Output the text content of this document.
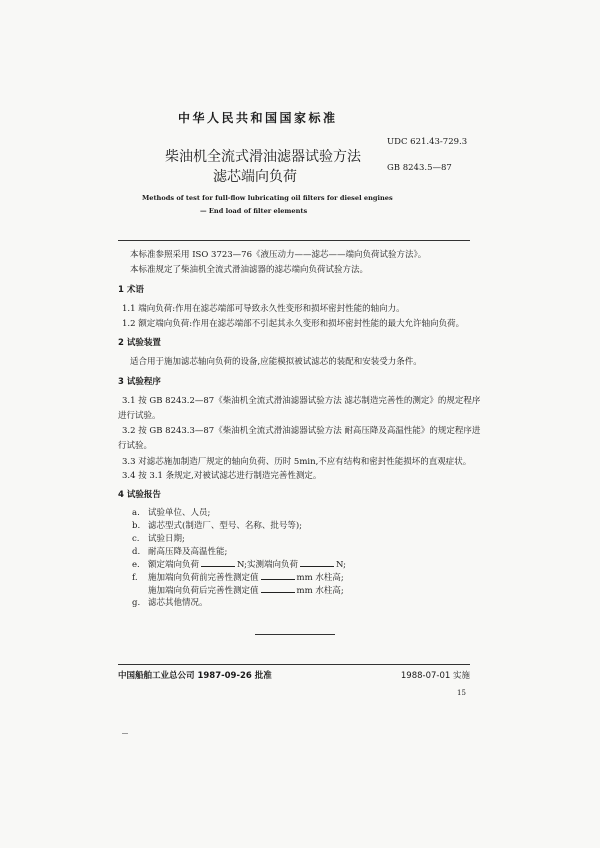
中华人民共和国国家标准
UDC 621.43-729.3
柴油机全流式滑油滤器试验方法
滤芯端向负荷
GB 8243.5—87
Methods of test for full-flow lubricating oil filters for diesel engines
— End load of filter elements
本标准参照采用 ISO 3723—76《液压动力——滤芯——端向负荷试验方法》。
本标准规定了柴油机全流式滑油滤器的滤芯端向负荷试验方法。
1 术语
1.1 端向负荷:作用在滤芯端部可导致永久性变形和损坏密封性能的轴向力。
1.2 额定端向负荷:作用在滤芯端部不引起其永久变形和损坏密封性能的最大允许轴向负荷。
2 试验装置
适合用于施加滤芯轴向负荷的设备,应能模拟被试滤芯的装配和安装受力条件。
3 试验程序
3.1 按 GB 8243.2—87《柴油机全流式滑油滤器试验方法 滤芯制造完善性的测定》的规定程序
进行试验。
3.2 按 GB 8243.3—87《柴油机全流式滑油滤器试验方法 耐高压降及高温性能》的规定程序进
行试验。
3.3 对滤芯施加制造厂规定的轴向负荷、历时 5min,不应有结构和密封性能损坏的直观症状。
3.4 按 3.1 条规定,对被试滤芯进行制造完善性测定。
4 试验报告
a. 试验单位、人员;
b. 滤芯型式(制造厂、型号、名称、批号等);
c. 试验日期;
d. 耐高压降及高温性能;
e. 额定端向负荷	N;实测端向负荷	N;
f. 施加端向负荷前完善性测定值	mm 水柱高;
施加端向负荷后完善性测定值	mm 水柱高;
g. 滤芯其他情况。
中国船舶工业总公司 1987-09-26 批准	1988-07-01 实施
15
